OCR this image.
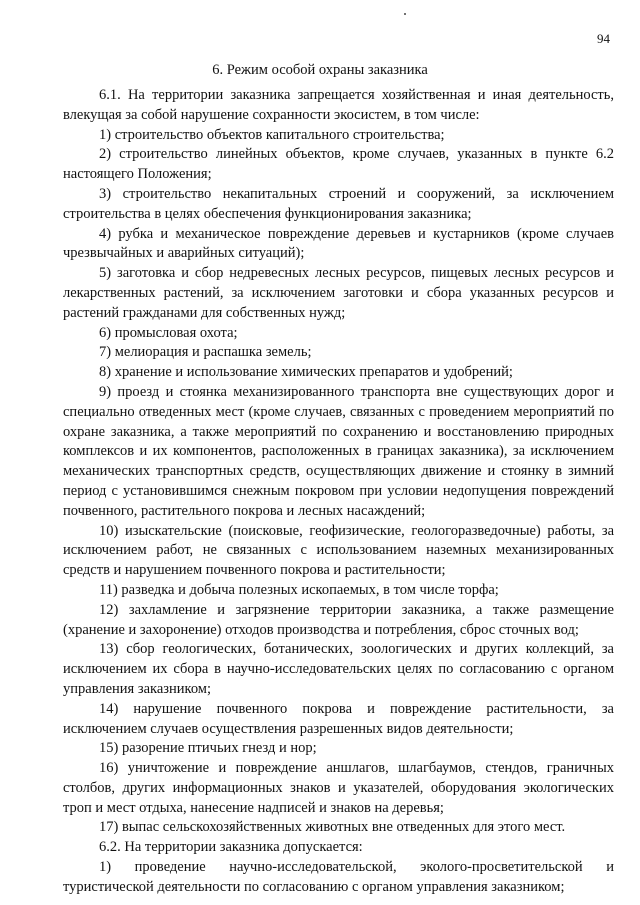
94
6. Режим особой охраны заказника

6.1. На территории заказника запрещается хозяйственная и иная деятельность, влекущая за собой нарушение сохранности экосистем, в том числе:

1) строительство объектов капитального строительства;

2) строительство линейных объектов, кроме случаев, указанных в пункте 6.2 настоящего Положения;

3) строительство некапитальных строений и сооружений, за исключением строительства в целях обеспечения функционирования заказника;

4) рубка и механическое повреждение деревьев и кустарников (кроме случаев чрезвычайных и аварийных ситуаций);

5) заготовка и сбор недревесных лесных ресурсов, пищевых лесных ресурсов и лекарственных растений, за исключением заготовки и сбора указанных ресурсов и растений гражданами для собственных нужд;

6) промысловая охота;

7) мелиорация и распашка земель;

8) хранение и использование химических препаратов и удобрений;

9) проезд и стоянка механизированного транспорта вне существующих дорог и специально отведенных мест (кроме случаев, связанных с проведением мероприятий по охране заказника, а также мероприятий по сохранению и восстановлению природных комплексов и их компонентов, расположенных в границах заказника), за исключением механических транспортных средств, осуществляющих движение и стоянку в зимний период с установившимся снежным покровом при условии недопущения повреждений почвенного, растительного покрова и лесных насаждений;

10) изыскательские (поисковые, геофизические, геологоразведочные) работы, за исключением работ, не связанных с использованием наземных механизированных средств и нарушением почвенного покрова и растительности;

11) разведка и добыча полезных ископаемых, в том числе торфа;

12) захламление и загрязнение территории заказника, а также размещение (хранение и захоронение) отходов производства и потребления, сброс сточных вод;

13) сбор геологических, ботанических, зоологических и других коллекций, за исключением их сбора в научно-исследовательских целях по согласованию с органом управления заказником;

14) нарушение почвенного покрова и повреждение растительности, за исключением случаев осуществления разрешенных видов деятельности;

15) разорение птичьих гнезд и нор;

16) уничтожение и повреждение аншлагов, шлагбаумов, стендов, граничных столбов, других информационных знаков и указателей, оборудования экологических троп и мест отдыха, нанесение надписей и знаков на деревья;

17) выпас сельскохозяйственных животных вне отведенных для этого мест.

6.2. На территории заказника допускается:

1) проведение научно-исследовательской, эколого-просветительской и туристической деятельности по согласованию с органом управления заказником;
